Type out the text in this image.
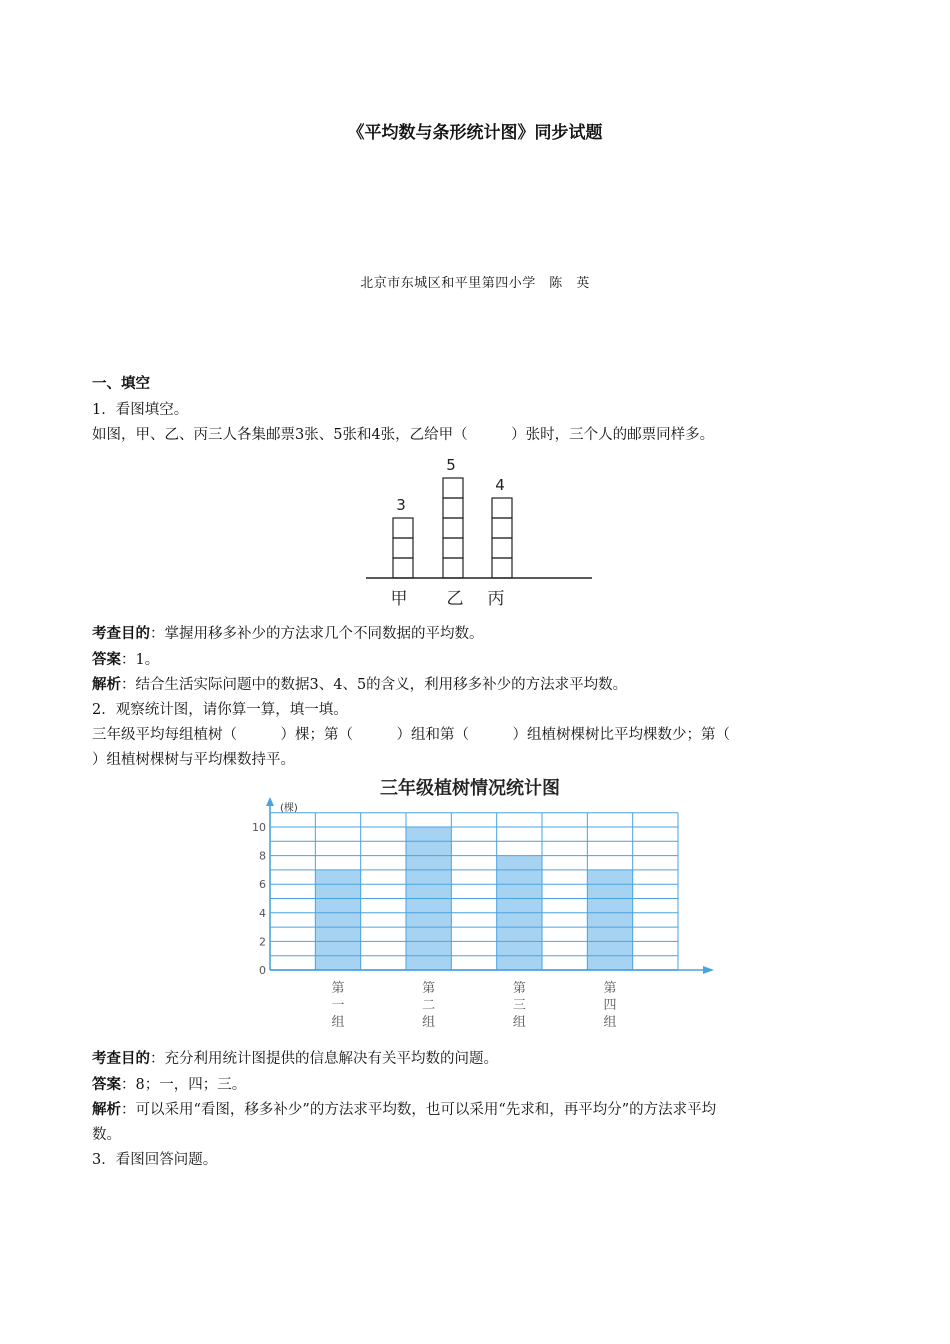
《平均数与条形统计图》同步试题
北京市东城区和平里第四小学　陈　英
一、填空
1．看图填空。
如图，甲、乙、丙三人各集邮票3张、5张和4张，乙给甲（　　　）张时，三个人的邮票同样多。
3
甲
5
乙
4
丙
考查目的：掌握用移多补少的方法求几个不同数据的平均数。
答案：1。
解析：结合生活实际问题中的数据3、4、5的含义，利用移多补少的方法求平均数。
2．观察统计图，请你算一算，填一填。
三年级平均每组植树（　　　）棵；第（　　　）组和第（　　　）组植树棵树比平均棵数少；第（
）组植树棵树与平均棵数持平。
三年级植树情况统计图
(棵)
0
2
4
6
8
10
第
一
组
第
二
组
第
三
组
第
四
组
考查目的：充分利用统计图提供的信息解决有关平均数的问题。
答案：8；一，四；三。
解析：可以采用“看图，移多补少”的方法求平均数，也可以采用“先求和，再平均分”的方法求平均
数。
3．看图回答问题。
